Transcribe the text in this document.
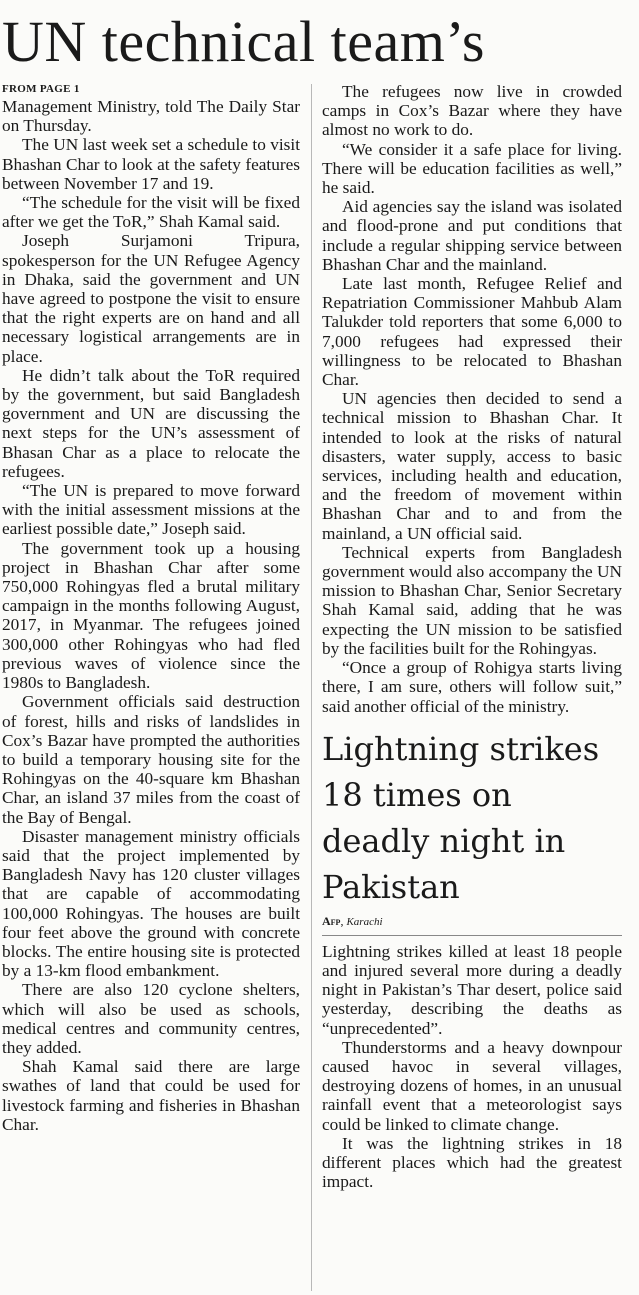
UN technical team’s
FROM PAGE 1

Management Ministry, told The Daily Star on Thursday.

The UN last week set a schedule to visit Bhashan Char to look at the safety features between November 17 and 19.

“The schedule for the visit will be fixed after we get the ToR,” Shah Kamal said.

Joseph Surjamoni Tripura, spokesperson for the UN Refugee Agency in Dhaka, said the government and UN have agreed to postpone the visit to ensure that the right experts are on hand and all necessary logistical arrangements are in place.

He didn’t talk about the ToR required by the government, but said Bangladesh government and UN are discussing the next steps for the UN’s assessment of Bhasan Char as a place to relocate the refugees.

“The UN is prepared to move forward with the initial assessment missions at the earliest possible date,” Joseph said.

The government took up a housing project in Bhashan Char after some 750,000 Rohingyas fled a brutal military campaign in the months following August, 2017, in Myanmar. The refugees joined 300,000 other Rohingyas who had fled previous waves of violence since the 1980s to Bangladesh.

Government officials said destruction of forest, hills and risks of landslides in Cox’s Bazar have prompted the authorities to build a temporary housing site for the Rohingyas on the 40-square km Bhashan Char, an island 37 miles from the coast of the Bay of Bengal.

Disaster management ministry officials said that the project implemented by Bangladesh Navy has 120 cluster villages that are capable of accommodating 100,000 Rohingyas. The houses are built four feet above the ground with concrete blocks. The entire housing site is protected by a 13-km flood embankment.

There are also 120 cyclone shelters, which will also be used as schools, medical centres and community centres, they added.

Shah Kamal said there are large swathes of land that could be used for livestock farming and fisheries in Bhashan Char.

The refugees now live in crowded camps in Cox’s Bazar where they have almost no work to do.

“We consider it a safe place for living. There will be education facilities as well,” he said.

Aid agencies say the island was isolated and flood-prone and put conditions that include a regular shipping service between Bhashan Char and the mainland.

Late last month, Refugee Relief and Repatriation Commissioner Mahbub Alam Talukder told reporters that some 6,000 to 7,000 refugees had expressed their willingness to be relocated to Bhashan Char.

UN agencies then decided to send a technical mission to Bhashan Char. It intended to look at the risks of natural disasters, water supply, access to basic services, including health and education, and the freedom of movement within Bhashan Char and to and from the mainland, a UN official said.

Technical experts from Bangladesh government would also accompany the UN mission to Bhashan Char, Senior Secretary Shah Kamal said, adding that he was expecting the UN mission to be satisfied by the facilities built for the Rohingyas.

“Once a group of Rohigya starts living there, I am sure, others will follow suit,” said another official of the ministry.

Lightning strikes 18 times on deadly night in Pakistan
Afp, Karachi

Lightning strikes killed at least 18 people and injured several more during a deadly night in Pakistan’s Thar desert, police said yesterday, describing the deaths as “unprecedented”.

Thunderstorms and a heavy downpour caused havoc in several villages, destroying dozens of homes, in an unusual rainfall event that a meteorologist says could be linked to climate change.

It was the lightning strikes in 18 different places which had the greatest impact.
